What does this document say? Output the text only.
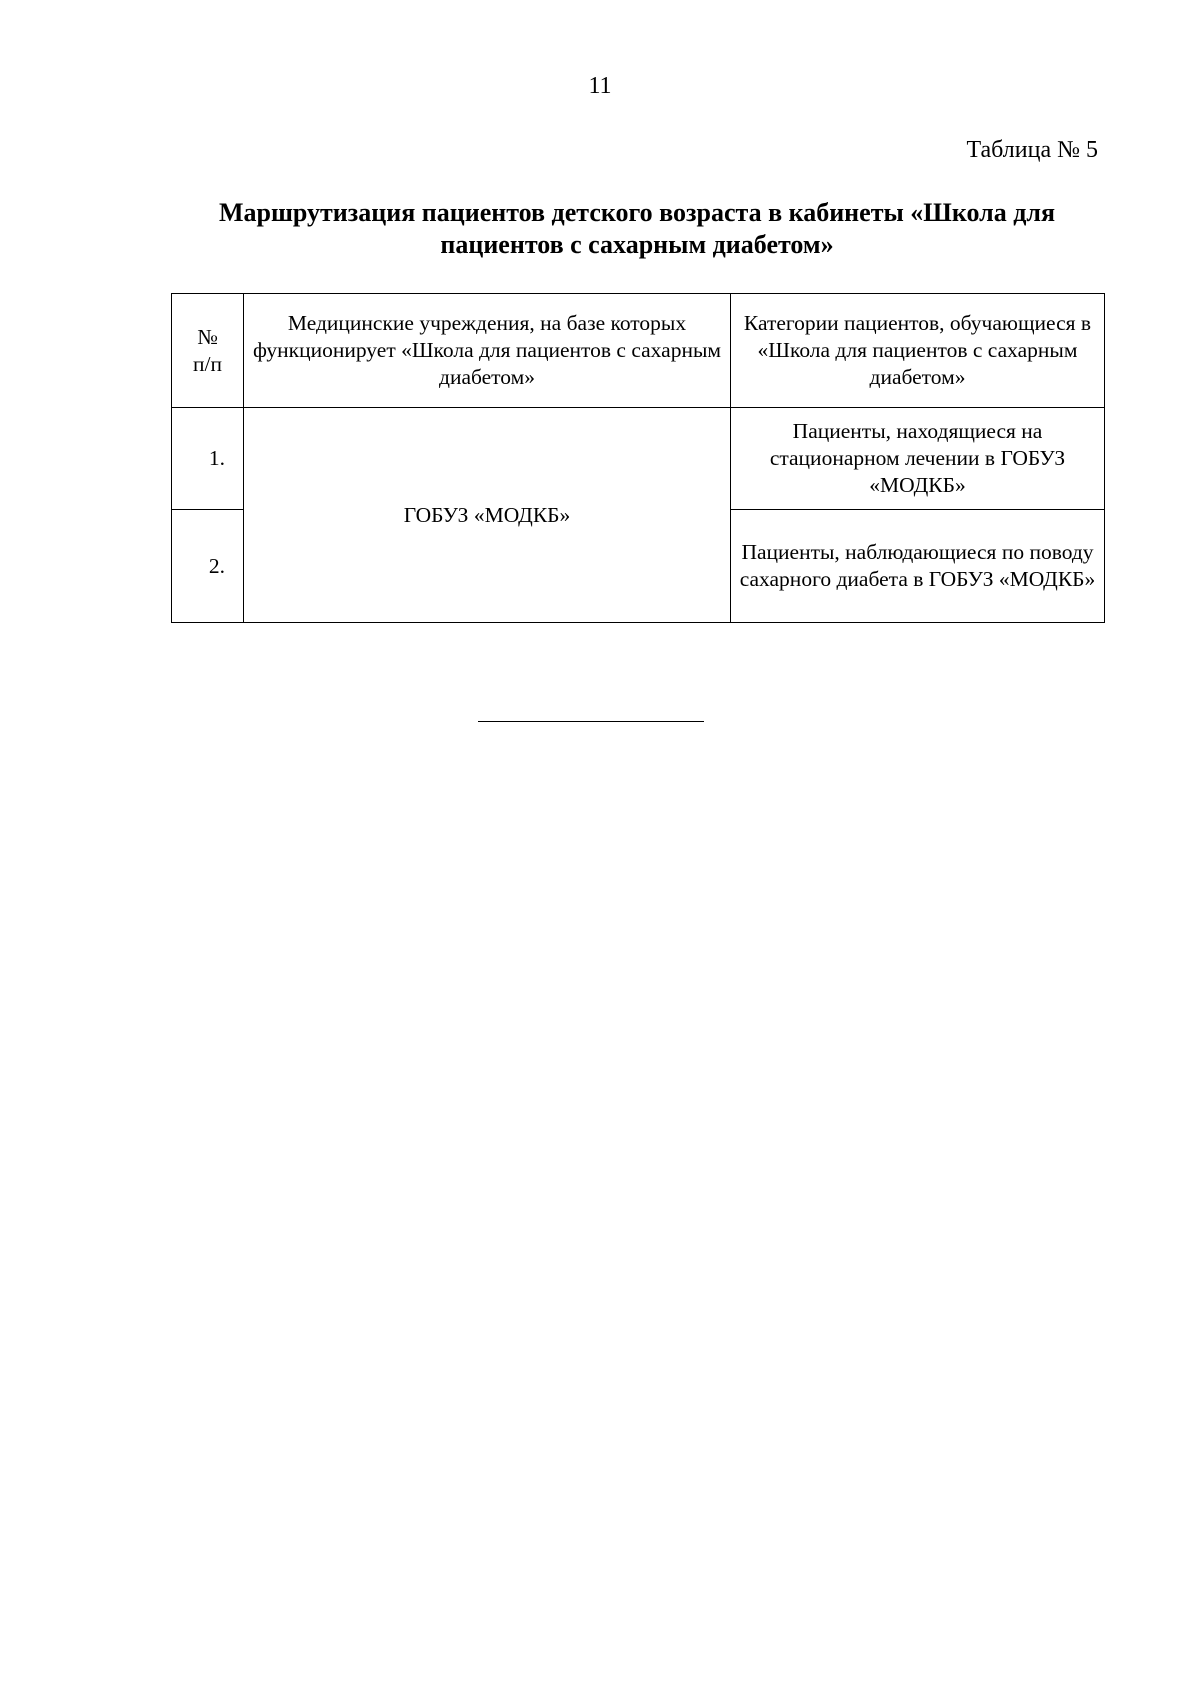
11
Таблица № 5
Маршрутизация пациентов детского возраста в кабинеты «Школа для пациентов с сахарным диабетом»
№
п/п	Медицинские учреждения, на базе которых функционирует «Школа для пациентов с сахарным диабетом»	Категории пациентов, обучающиеся в «Школа для пациентов с сахарным диабетом»
1.	ГОБУЗ «МОДКБ»	Пациенты, находящиеся на стационарном лечении в ГОБУЗ «МОДКБ»
2.		Пациенты, наблюдающиеся по поводу сахарного диабета в ГОБУЗ «МОДКБ»
